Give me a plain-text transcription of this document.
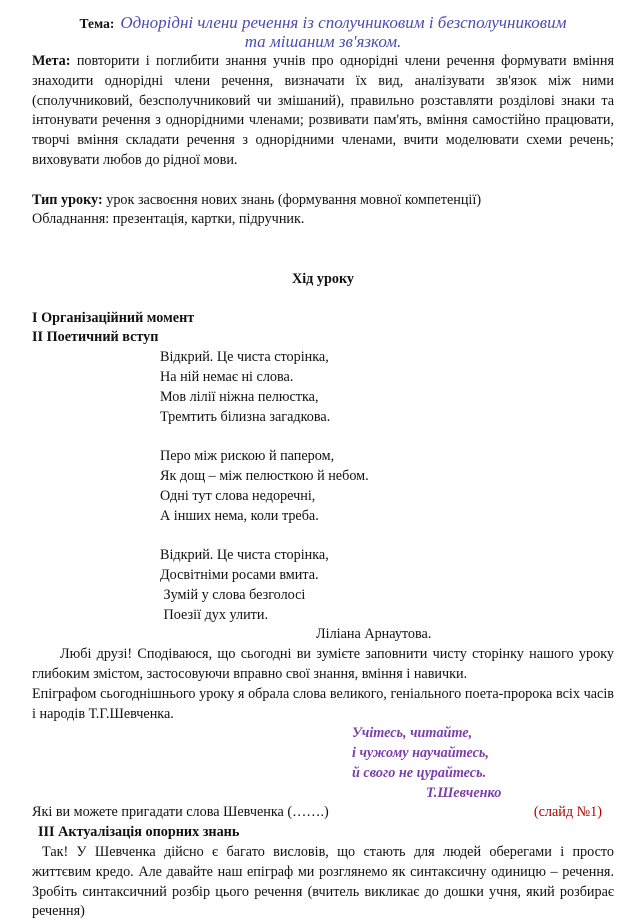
Тема: Однорідні члени речення із сполучниковим і безсполучниковим
та мішаним зв'язком.
Мета: повторити і поглибити знання учнів про однорідні члени речення формувати вміння знаходити однорідні члени речення, визначати їх вид, аналізувати зв'язок між ними (сполучниковий, безсполучниковий чи змішаний), правильно розставляти розділові знаки та інтонувати речення з однорідними членами; розвивати пам'ять, вміння самостійно працювати, творчі вміння складати речення з однорідними членами, вчити моделювати схеми речень; виховувати любов до рідної мови.
Тип уроку: урок засвоєння нових знань (формування мовної компетенції)
Обладнання: презентація, картки, підручник.
Хід уроку
І Організаційний момент
ІІ Поетичний вступ
Відкрий. Це чиста сторінка,
На ній немає ні слова.
Мов лілії ніжна пелюстка,
Тремтить білизна загадкова.
Перо між рискою й папером,
Як дощ – між пелюсткою й небом.
Одні тут слова недоречні,
А інших нема, коли треба.
Відкрий. Це чиста сторінка,
Досвітніми росами вмита.
Зумій у слова безголосі
Поезії дух улити.
Ліліана Арнаутова.
Любі друзі! Сподіваюся, що сьогодні ви зумієте заповнити чисту сторінку нашого уроку глибоким змістом, застосовуючи вправно свої знання, вміння і навички.
Епіграфом сьогоднішнього уроку я обрала слова великого, геніального поета-пророка всіх часів і народів Т.Г.Шевченка.
Учітесь, читайте,
і чужому научайтесь,
й свого не цурайтесь.
Т.Шевченко
Які ви можете пригадати слова Шевченка (…….)	(слайд №1)
ІІІ Актуалізація опорних знань
Так! У Шевченка дійсно є багато висловів, що стають для людей оберегами і просто життєвим кредо. Але давайте наш епіграф ми розглянемо як синтаксичну одиницю – речення. Зробіть синтаксичний розбір цього речення (вчитель викликає до дошки учня, який розбирає речення)
